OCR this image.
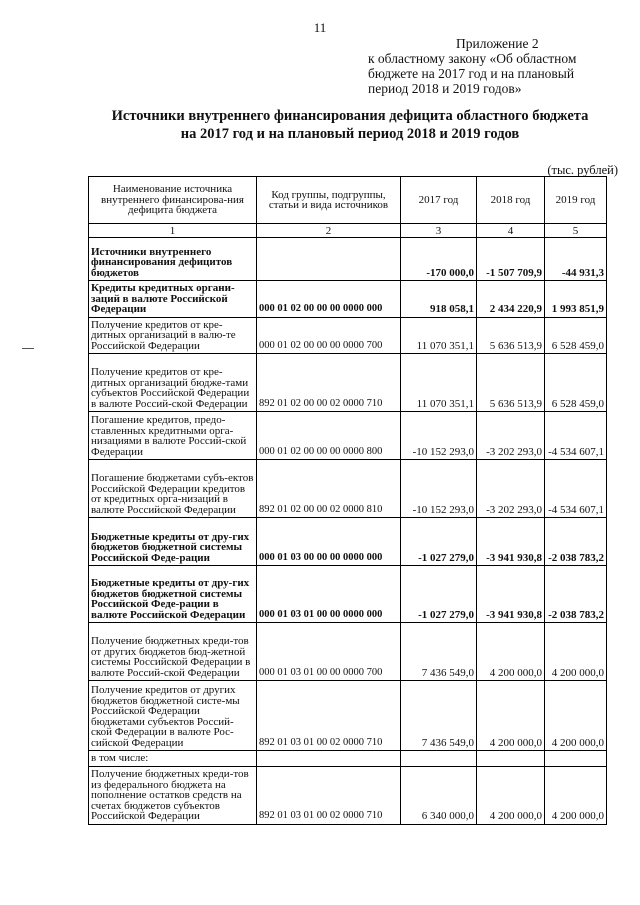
11
Приложение 2
к областному закону «Об областном
бюджете на 2017 год и на плановый
период 2018 и 2019 годов»
Источники внутреннего финансирования дефицита областного бюджета
на 2017 год и на плановый период 2018 и 2019 годов
(тыс. рублей)
Наименование источника внутреннего финансирова-ния дефицита бюджета	Код группы, подгруппы, статьи и вида источников	2017 год	2018 год	2019 год
1	2	3	4	5
Источники внутреннего финансирования дефицитов бюджетов		-170 000,0	-1 507 709,9	-44 931,3
Кредиты кредитных органи-заций в валюте Российской Федерации	000 01 02 00 00 00 0000 000	918 058,1	2 434 220,9	1 993 851,9
Получение кредитов от кре-дитных организаций в валю-те Российской Федерации	000 01 02 00 00 00 0000 700	11 070 351,1	5 636 513,9	6 528 459,0
Получение кредитов от кре-дитных организаций бюдже-тами субъектов Российской Федерации в валюте Россий-ской Федерации	892 01 02 00 00 02 0000 710	11 070 351,1	5 636 513,9	6 528 459,0
Погашение кредитов, предо-ставленных кредитными орга-низациями в валюте Россий-ской Федерации	000 01 02 00 00 00 0000 800	-10 152 293,0	-3 202 293,0	-4 534 607,1
Погашение бюджетами субъ-ектов Российской Федерации кредитов от кредитных орга-низаций в валюте Российской Федерации	892 01 02 00 00 02 0000 810	-10 152 293,0	-3 202 293,0	-4 534 607,1
Бюджетные кредиты от дру-гих бюджетов бюджетной системы Российской Феде-рации	000 01 03 00 00 00 0000 000	-1 027 279,0	-3 941 930,8	-2 038 783,2
Бюджетные кредиты от дру-гих бюджетов бюджетной системы Российской Феде-рации в валюте Российской Федерации	000 01 03 01 00 00 0000 000	-1 027 279,0	-3 941 930,8	-2 038 783,2
Получение бюджетных креди-тов от других бюджетов бюд-жетной системы Российской Федерации в валюте Россий-ской Федерации	000 01 03 01 00 00 0000 700	7 436 549,0	4 200 000,0	4 200 000,0
Получение кредитов от других бюджетов бюджетной систе-мы Российской Федерации бюджетами субъектов Россий-ской Федерации в валюте Рос-сийской Федерации	892 01 03 01 00 02 0000 710	7 436 549,0	4 200 000,0	4 200 000,0
в том числе:				
Получение бюджетных креди-тов из федерального бюджета на пополнение остатков средств на счетах бюджетов субъектов Российской Федерации	892 01 03 01 00 02 0000 710	6 340 000,0	4 200 000,0	4 200 000,0
